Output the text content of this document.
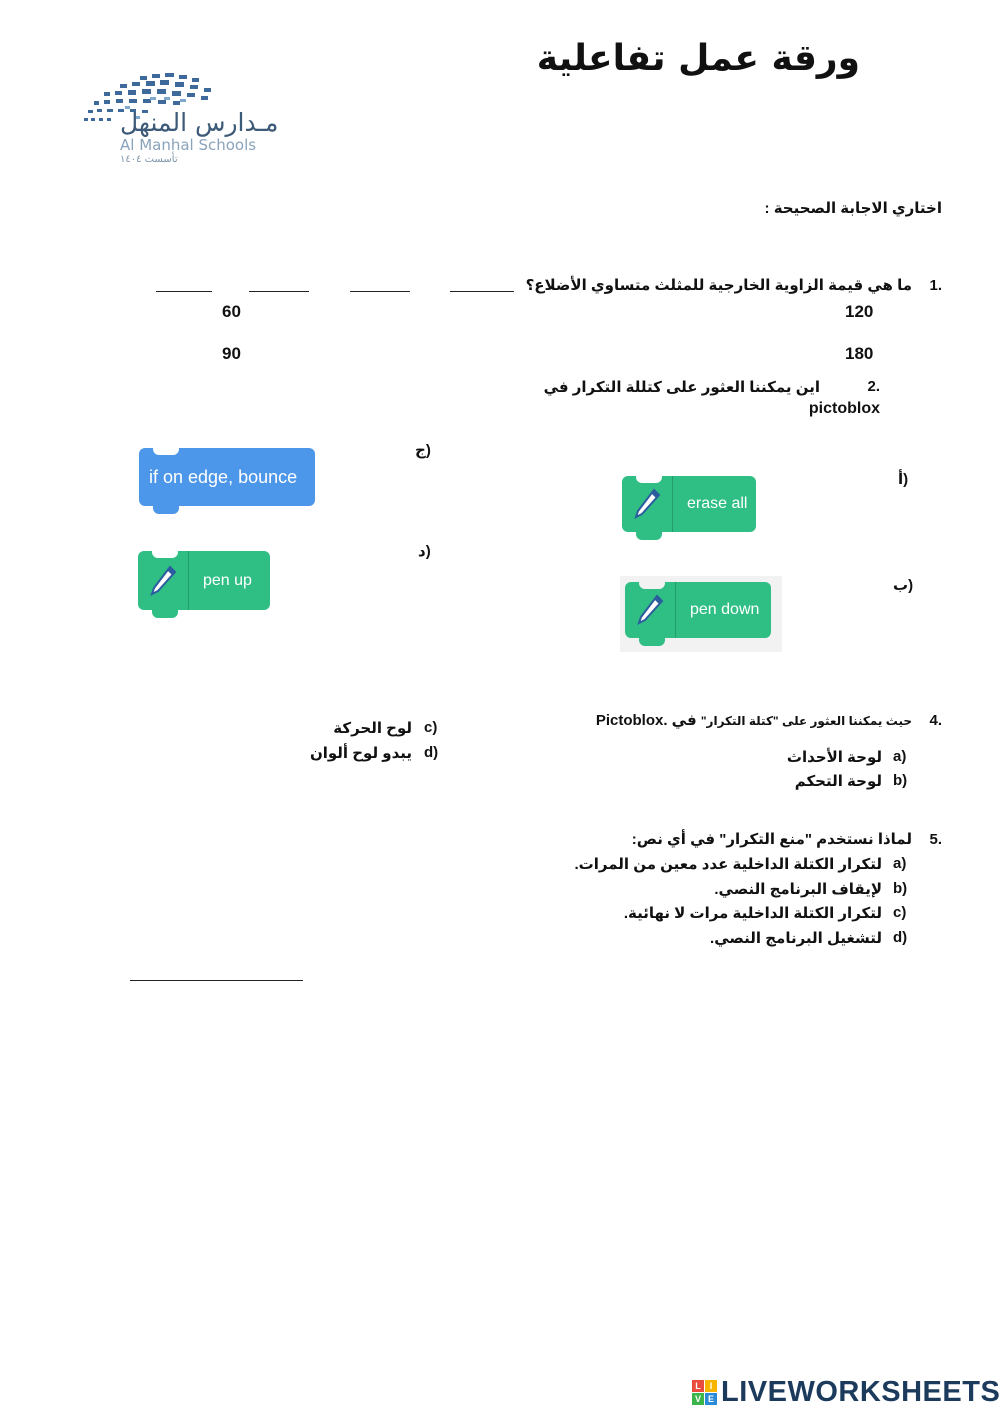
مـدارس المنهل
Al Manhal Schools
تأسست ١٤٠٤
ورقة عمل تفاعلية
اختاري الاجابة الصحيحة :
1.
ما هي قيمة الزاوية الخارجية للمثلث متساوي الأضلاع؟
120
60
180
90
2.
اين يمكننا العثور على كتللة التكرار في
pictoblox
أ)
ب)
ج)
د)
erase all
pen down
if on edge, bounce
pen up
4.
حيث يمكننا العثور على "كتلة التكرار" في Pictoblox.
a)
لوحة الأحداث
b)
لوحة التحكم
c)
لوح الحركة
d)
يبدو لوح ألوان
5.
لماذا نستخدم "منع التكرار" في أي نص:
a)
لتكرار الكتلة الداخلية عدد معين من المرات.
b)
لإيقاف البرنامج النصي.
c)
لتكرار الكتلة الداخلية مرات لا نهائية.
d)
لتشغيل البرنامج النصي.
L I
V E LIVEWORKSHEETS
